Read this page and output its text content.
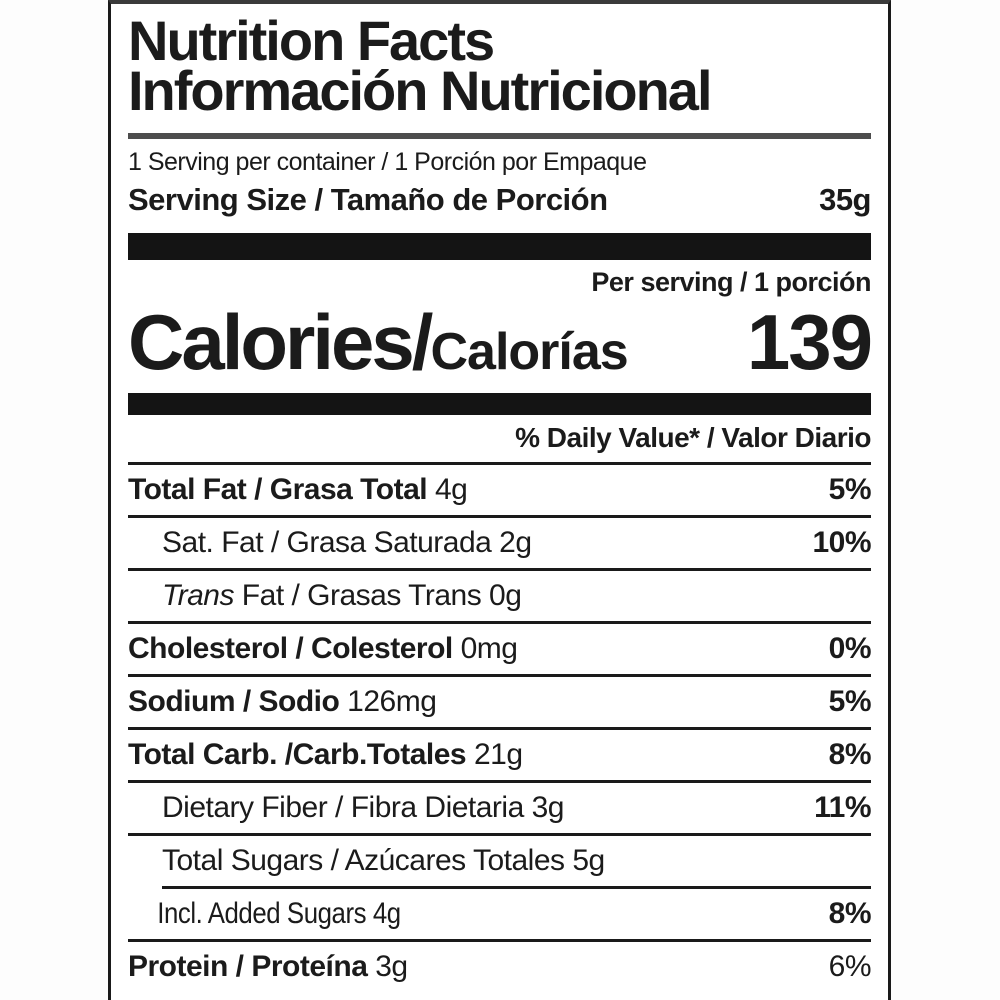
Nutrition Facts
Información Nutricional
1 Serving per container / 1 Porción por Empaque
Serving Size / Tamaño de Porción	35g
Per serving / 1 porción
Calories/ Calorías 139
% Daily Value* / Valor Diario
Total Fat / Grasa Total 4g	5%
Sat. Fat / Grasa Saturada 2g	10%
Trans Fat / Grasas Trans 0g
Cholesterol / Colesterol 0mg	0%
Sodium / Sodio 126mg	5%
Total Carb. /Carb.Totales 21g	8%
Dietary Fiber / Fibra Dietaria 3g	11%
Total Sugars / Azúcares Totales 5g
Incl. Added Sugars 4g	8%
Protein / Proteína 3g	6%
